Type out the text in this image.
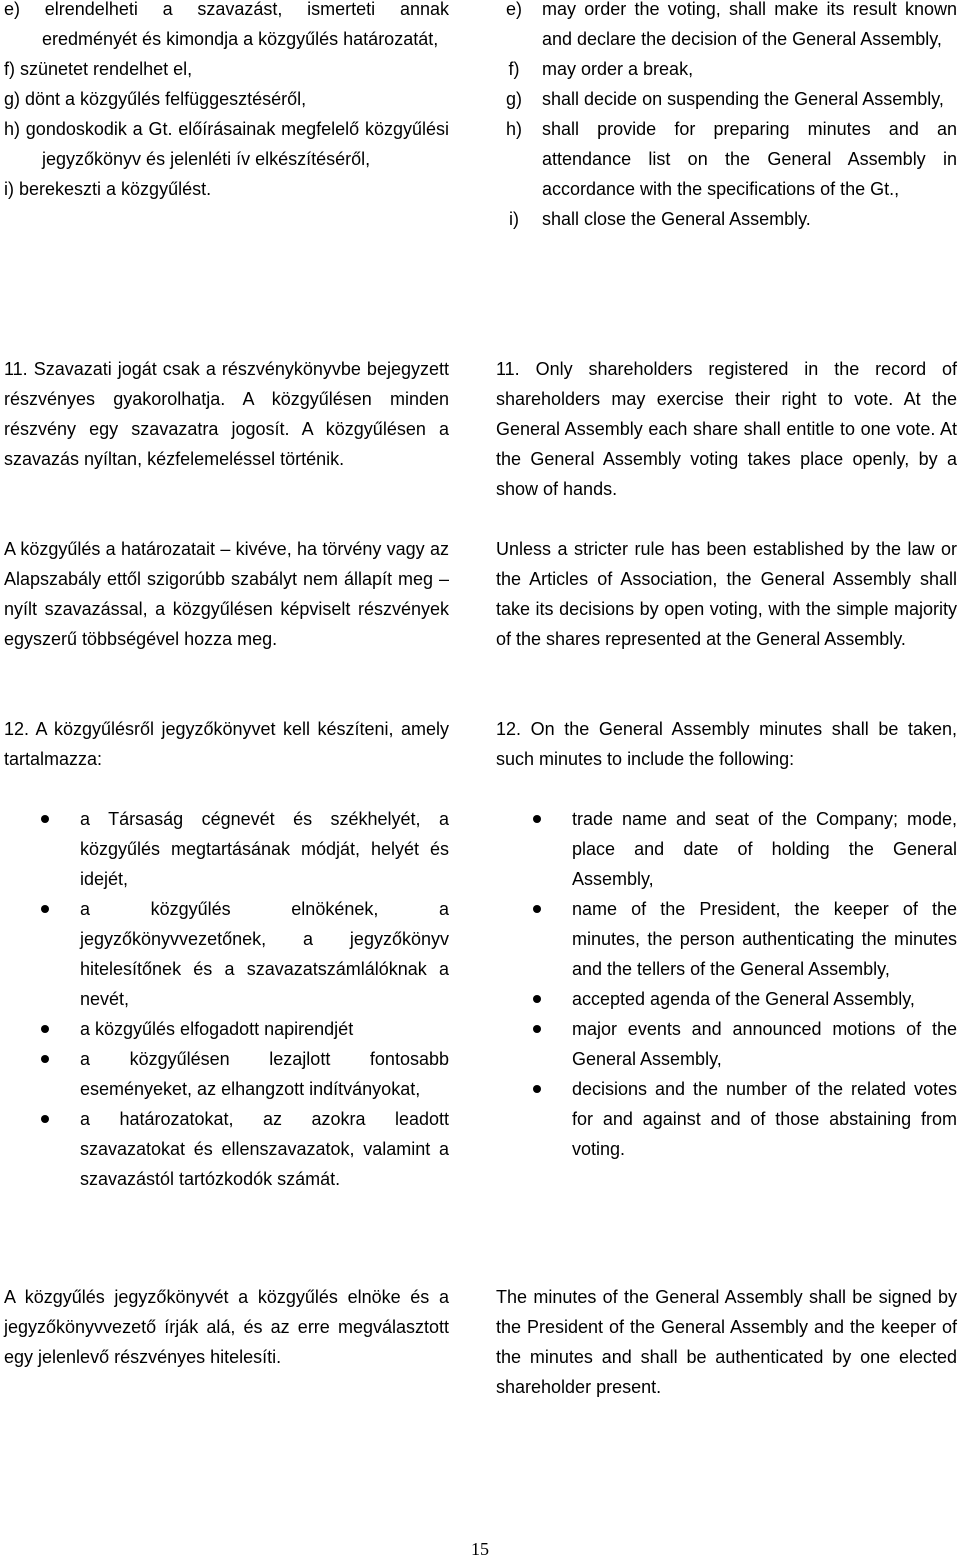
e) elrendelheti a szavazást, ismerteti annak eredményét és kimondja a közgyűlés határozatát,
f) szünetet rendelhet el,
g) dönt a közgyűlés felfüggesztéséről,
h) gondoskodik a Gt. előírásainak megfelelő közgyűlési jegyzőkönyv és jelenléti ív elkészítéséről,
i) berekeszti a közgyűlést.

11. Szavazati jogát csak a részvénykönyvbe bejegyzett részvényes gyakorolhatja. A közgyűlésen minden részvény egy szavazatra jogosít. A közgyűlésen a szavazás nyíltan, kézfelemeléssel történik.

A közgyűlés a határozatait ‒ kivéve, ha törvény vagy az Alapszabály ettől szigorúbb szabályt nem állapít meg ‒ nyílt szavazással, a közgyűlésen képviselt részvények egyszerű többségével hozza meg.

12. A közgyűlésről jegyzőkönyvet kell készíteni, amely tartalmazza:

a Társaság cégnevét és székhelyét, a közgyűlés megtartásának módját, helyét és idejét,
a közgyűlés elnökének, a jegyzőkönyvvezetőnek, a jegyzőkönyv hitelesítőnek és a szavazatszámlálóknak a nevét,
a közgyűlés elfogadott napirendjét
a közgyűlésen lezajlott fontosabb eseményeket, az elhangzott indítványokat,
a határozatokat, az azokra leadott szavazatokat és ellenszavazatok, valamint a szavazástól tartózkodók számát.

A közgyűlés jegyzőkönyvét a közgyűlés elnöke és a jegyzőkönyvvezető írják alá, és az erre megválasztott egy jelenlevő részvényes hitelesíti.

e)	may order the voting, shall make its result known and declare the decision of the General Assembly,
f)	may order a break,
g)	shall decide on suspending the General Assembly,
h)	shall provide for preparing minutes and an attendance list on the General Assembly in accordance with the specifications of the Gt.,
i)	shall close the General Assembly.

11. Only shareholders registered in the record of shareholders may exercise their right to vote. At the General Assembly each share shall entitle to one vote. At the General Assembly voting takes place openly, by a show of hands.

Unless a stricter rule has been established by the law or the Articles of Association, the General Assembly shall take its decisions by open voting, with the simple majority of the shares represented at the General Assembly.

12. On the General Assembly minutes shall be taken, such minutes to include the following:

trade name and seat of the Company; mode, place and date of holding the General Assembly,
name of the President, the keeper of the minutes, the person authenticating the minutes and the tellers of the General Assembly,
accepted agenda of the General Assembly,
major events and announced motions of the General Assembly,
decisions and the number of the related votes for and against and of those abstaining from voting.

The minutes of the General Assembly shall be signed by the President of the General Assembly and the keeper of the minutes and shall be authenticated by one elected shareholder present.

15
